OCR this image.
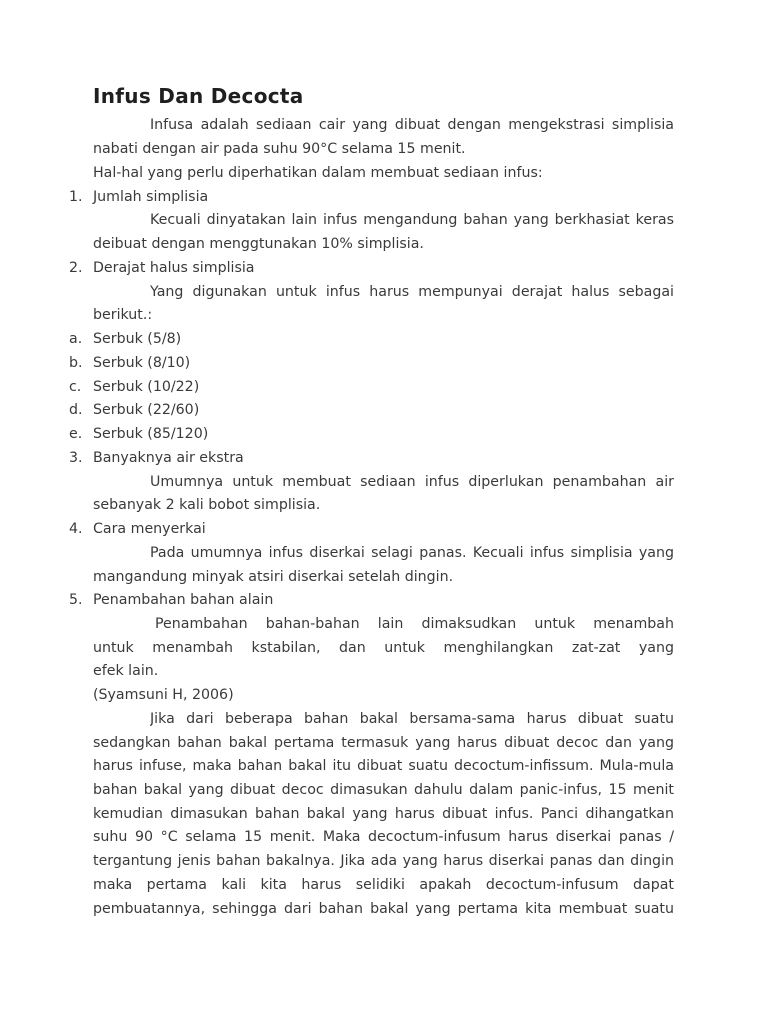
Infus Dan Decocta
Infusa adalah sediaan cair yang dibuat dengan mengekstrasi simplisia
nabati dengan air pada suhu 90°C selama 15 menit.
Hal-hal yang perlu diperhatikan dalam membuat sediaan infus:
1. Jumlah simplisia
Kecuali dinyatakan lain infus mengandung bahan yang berkhasiat keras
deibuat dengan menggtunakan 10% simplisia.
2. Derajat halus simplisia
Yang digunakan untuk infus harus mempunyai derajat halus sebagai
berikut.:
a. Serbuk (5/8)
b. Serbuk (8/10)
c. Serbuk (10/22)
d. Serbuk (22/60)
e. Serbuk (85/120)
3. Banyaknya air ekstra
Umumnya untuk membuat sediaan infus diperlukan penambahan air
sebanyak 2 kali bobot simplisia.
4. Cara menyerkai
Pada umumnya infus diserkai selagi panas. Kecuali infus simplisia yang
mangandung minyak atsiri diserkai setelah dingin.
5. Penambahan bahan alain
Penambahan bahan-bahan lain dimaksudkan untuk menambah
untuk menambah kstabilan, dan untuk menghilangkan zat-zat yang
efek lain.
(Syamsuni H, 2006)
Jika dari beberapa bahan bakal bersama-sama harus dibuat suatu
sedangkan bahan bakal pertama termasuk yang harus dibuat decoc dan yang
harus infuse, maka bahan bakal itu dibuat suatu decoctum-infissum. Mula-mula
bahan bakal yang dibuat decoc dimasukan dahulu dalam panic-infus, 15 menit
kemudian dimasukan bahan bakal yang harus dibuat infus. Panci dihangatkan
suhu 90 °C selama 15 menit. Maka decoctum-infusum harus diserkai panas /
tergantung jenis bahan bakalnya. Jika ada yang harus diserkai panas dan dingin
maka pertama kali kita harus selidiki apakah decoctum-infusum dapat
pembuatannya, sehingga dari bahan bakal yang pertama kita membuat suatu
